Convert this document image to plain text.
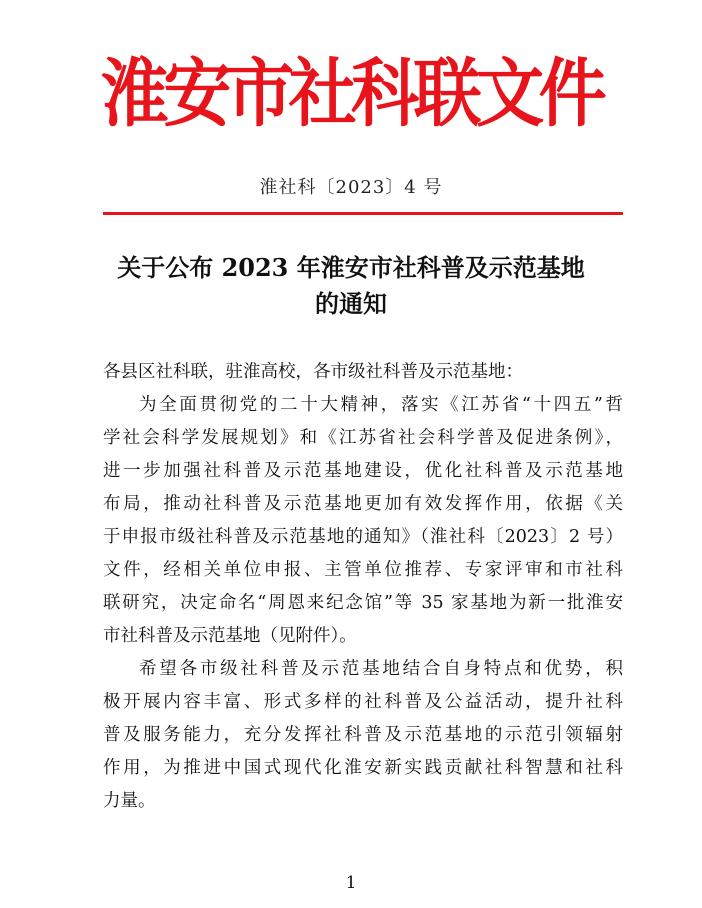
淮安市社科联文件
淮社科〔2023〕4 号
关于公布 2023 年淮安市社科普及示范基地
的通知
各县区社科联，驻淮高校，各市级社科普及示范基地：
为全面贯彻党的二十大精神，落实《江苏省“十四五”哲
学社会科学发展规划》和《江苏省社会科学普及促进条例》，
进一步加强社科普及示范基地建设，优化社科普及示范基地
布局，推动社科普及示范基地更加有效发挥作用，依据《关
于申报市级社科普及示范基地的通知》（淮社科〔2023〕2 号）
文件，经相关单位申报、主管单位推荐、专家评审和市社科
联研究，决定命名“周恩来纪念馆”等 35 家基地为新一批淮安
市社科普及示范基地（见附件）。
希望各市级社科普及示范基地结合自身特点和优势，积
极开展内容丰富、形式多样的社科普及公益活动，提升社科
普及服务能力，充分发挥社科普及示范基地的示范引领辐射
作用，为推进中国式现代化淮安新实践贡献社科智慧和社科
力量。
1
